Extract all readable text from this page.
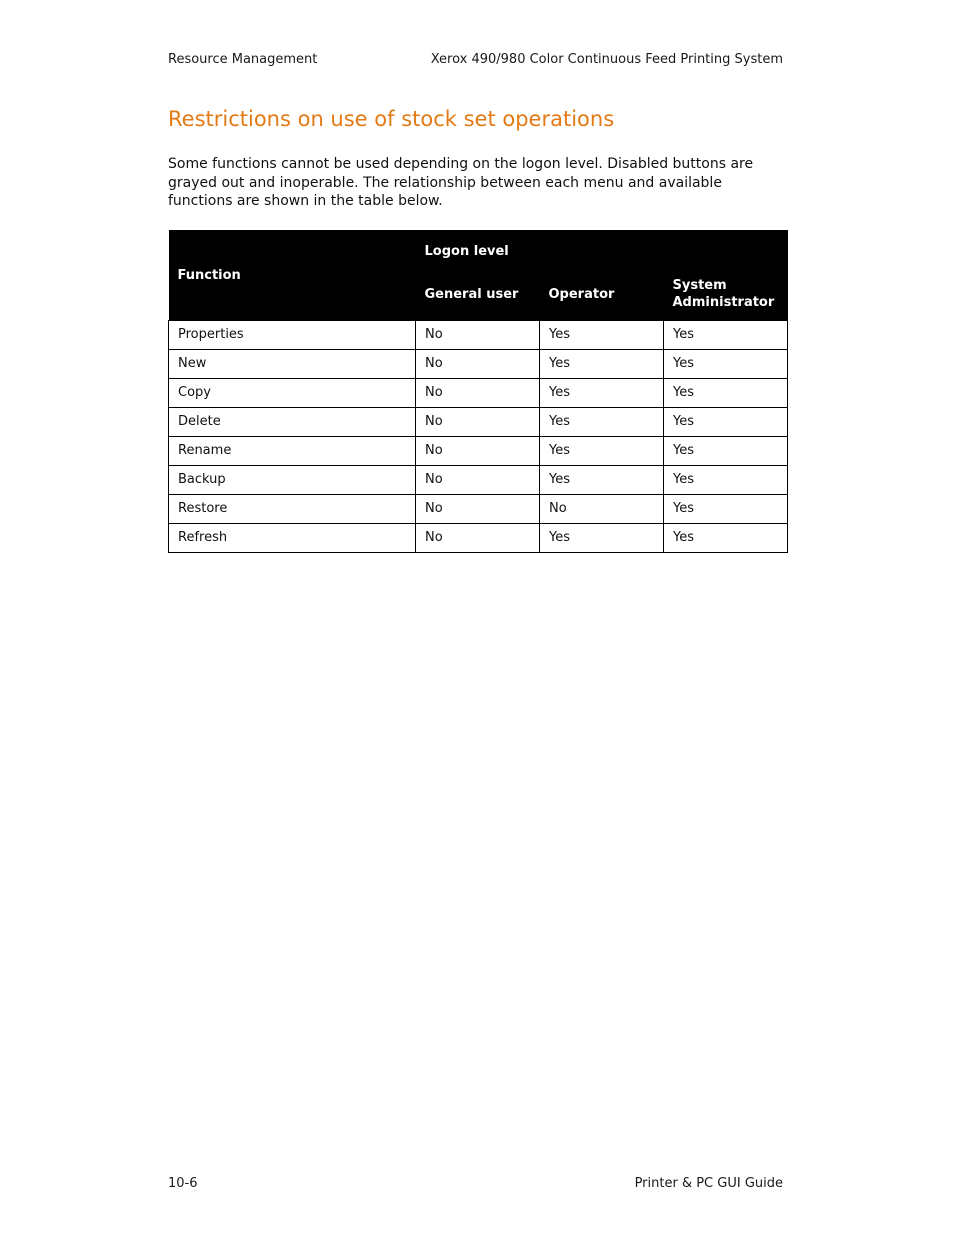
Resource Management	Xerox 490/980 Color Continuous Feed Printing System
Restrictions on use of stock set operations

Some functions cannot be used depending on the logon level. Disabled buttons are grayed out and inoperable. The relationship between each menu and available functions are shown in the table below.

Function	Logon level		
	General user	Operator	System Administrator
Properties	No	Yes	Yes
New	No	Yes	Yes
Copy	No	Yes	Yes
Delete	No	Yes	Yes
Rename	No	Yes	Yes
Backup	No	Yes	Yes
Restore	No	No	Yes
Refresh	No	Yes	Yes
10-6	Printer & PC GUI Guide
